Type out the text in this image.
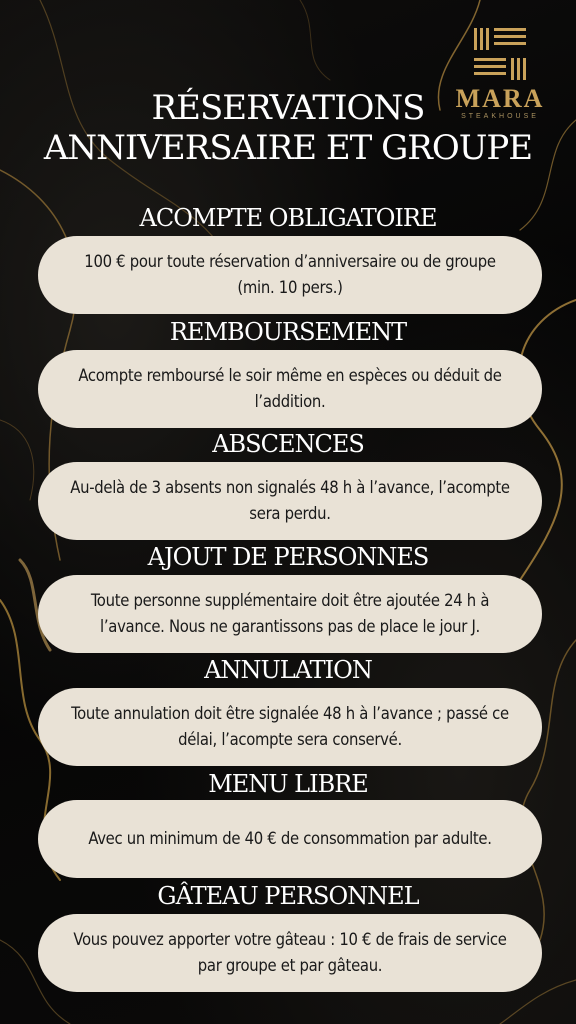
MARA
STEAKHOUSE
RÉSERVATIONS
ANNIVERSAIRE ET GROUPE
ACOMPTE OBLIGATOIRE
100 € pour toute réservation d’anniversaire ou de groupe (min. 10 pers.)
REMBOURSEMENT
Acompte remboursé le soir même en espèces ou déduit de l’addition.
ABSCENCES
Au-delà de 3 absents non signalés 48 h à l’avance, l’acompte sera perdu.
AJOUT DE PERSONNES
Toute personne supplémentaire doit être ajoutée 24 h à l’avance. Nous ne garantissons pas de place le jour J.
ANNULATION
Toute annulation doit être signalée 48 h à l’avance ; passé ce délai, l’acompte sera conservé.
MENU LIBRE
Avec un minimum de 40 € de consommation par adulte.
GÂTEAU PERSONNEL
Vous pouvez apporter votre gâteau : 10 € de frais de service par groupe et par gâteau.
